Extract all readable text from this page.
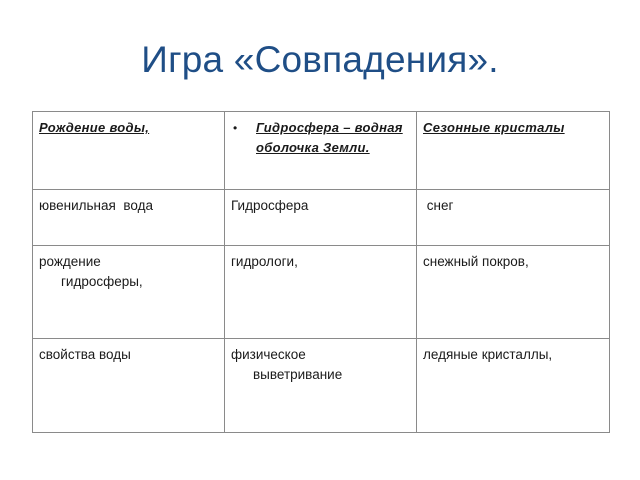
Игра «Совпадения».
Рождение воды,	• Гидросфера – водная оболочка Земли.	Сезонные кристалы
ювенильная  вода	Гидросфера	снег

рождение гидросферы,	гидрологи,	снежный покров,
свойства воды	физическое выветривание	ледяные кристаллы,
